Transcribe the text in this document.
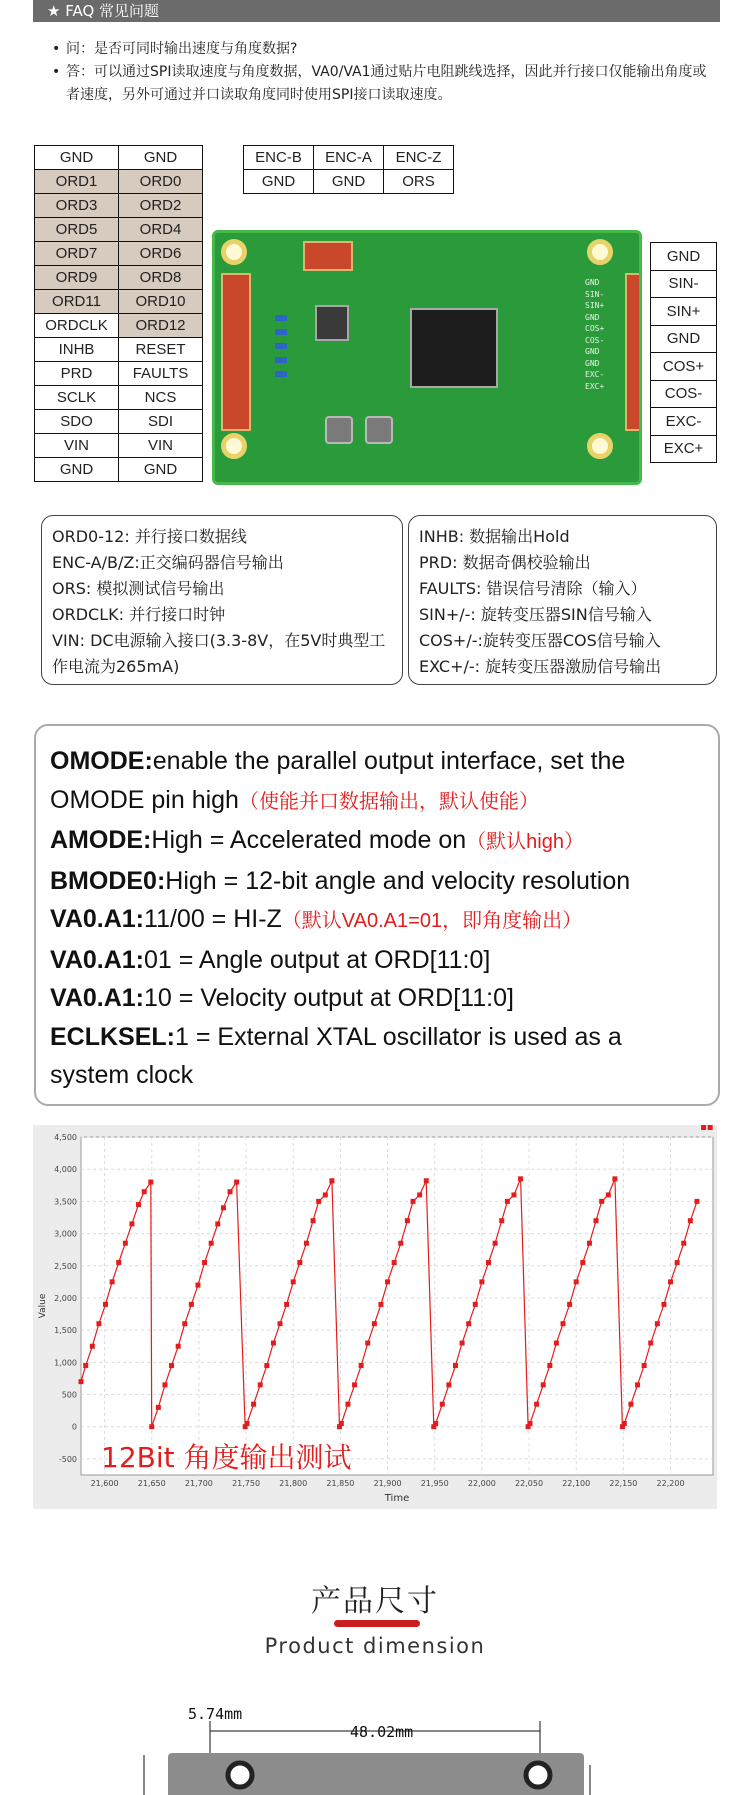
★ FAQ 常见问题
• 问：是否可同时输出速度与角度数据?
• 答：可以通过SPI读取速度与角度数据，VA0/VA1通过贴片电阻跳线选择，因此并行接口仅能输出角度或者速度，另外可通过并口读取角度同时使用SPI接口读取速度。
GND	GND
ORD1	ORD0
ORD3	ORD2
ORD5	ORD4
ORD7	ORD6
ORD9	ORD8
ORD11	ORD10
ORDCLK	ORD12
INHB	RESET
PRD	FAULTS
SCLK	NCS
SDO	SDI
VIN	VIN
GND	GND
ENC-B	ENC-A	ENC-Z
GND	GND	ORS
GND
SIN-
SIN+
GND
COS+
COS-
EXC-
EXC+
GND
SIN-
SIN+
GND
COS+
COS-
GND
GND
EXC-
EXC+
ORD0-12: 并行接口数据线
ENC-A/B/Z:正交编码器信号输出
ORS: 模拟测试信号输出
ORDCLK: 并行接口时钟
VIN: DC电源输入接口(3.3-8V，在5V时典型工作电流为265mA)
INHB: 数据输出Hold
PRD: 数据奇偶校验输出
FAULTS: 错误信号清除（输入）
SIN+/-: 旋转变压器SIN信号输入
COS+/-:旋转变压器COS信号输入
EXC+/-: 旋转变压器激励信号输出
OMODE:enable the parallel output interface, set the OMODE pin high（使能并口数据输出，默认使能）
AMODE:High = Accelerated mode on（默认high）
BMODE0:High = 12-bit angle and velocity resolution
VA0.A1:11/00 = HI-Z（默认VA0.A1=01，即角度输出）
VA0.A1:01 = Angle output at ORD[11:0]
VA0.A1:10 = Velocity output at ORD[11:0]
ECLKSEL:1 = External XTAL oscillator is used as a system clock
-500
0
500
1,000
1,500
2,000
2,500
3,000
3,500
4,000
4,500
21,600 21,650 21,700 21,750 21,800 21,850 21,900 21,950 22,000 22,050 22,100 22,150 22,200
Time
Value
12Bit 角度输出测试
产品尺寸
Product dimension
5.74mm
48.02mm
